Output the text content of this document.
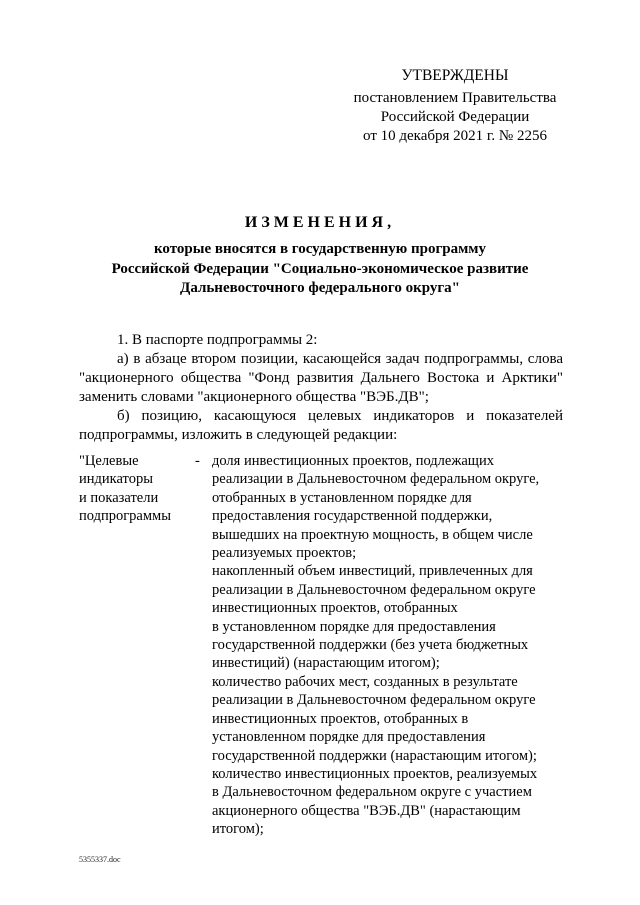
УТВЕРЖДЕНЫ
постановлением Правительства
Российской Федерации
от 10 декабря 2021 г. № 2256
ИЗМЕНЕНИЯ,
которые вносятся в государственную программу
Российской Федерации "Социально-экономическое развитие
Дальневосточного федерального округа"

1. В паспорте подпрограммы 2:

а) в абзаце втором позиции, касающейся задач подпрограммы, слова "акционерного общества "Фонд развития Дальнего Востока и Арктики" заменить словами "акционерного общества "ВЭБ.ДВ";

б) позицию, касающуюся целевых индикаторов и показателей подпрограммы, изложить в следующей редакции:

"Целевые
индикаторы
и показатели
подпрограммы
- доля инвестиционных проектов, подлежащих
реализации в Дальневосточном федеральном округе,
отобранных в установленном порядке для
предоставления государственной поддержки,
вышедших на проектную мощность, в общем числе
реализуемых проектов;
накопленный объем инвестиций, привлеченных для
реализации в Дальневосточном федеральном округе
инвестиционных проектов, отобранных
в установленном порядке для предоставления
государственной поддержки (без учета бюджетных
инвестиций) (нарастающим итогом);
количество рабочих мест, созданных в результате
реализации в Дальневосточном федеральном округе
инвестиционных проектов, отобранных в
установленном порядке для предоставления
государственной поддержки (нарастающим итогом);
количество инвестиционных проектов, реализуемых
в Дальневосточном федеральном округе с участием
акционерного общества "ВЭБ.ДВ" (нарастающим
итогом);
5355337.doc
